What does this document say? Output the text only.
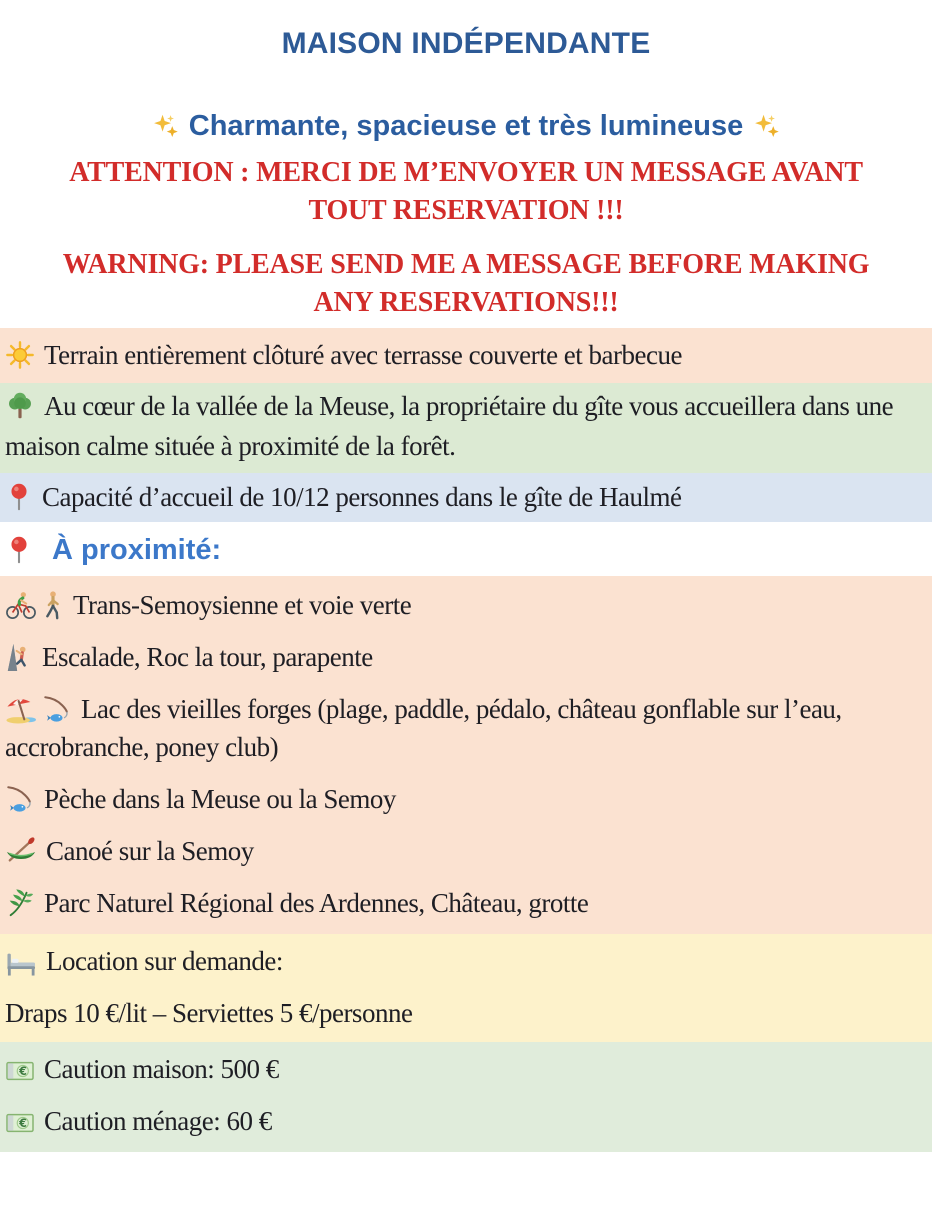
MAISON INDÉPENDANTE
Charmante, spacieuse et très lumineuse

ATTENTION : MERCI DE M’ENVOYER UN MESSAGE AVANT
TOUT RESERVATION !!!

WARNING: PLEASE SEND ME A MESSAGE BEFORE MAKING
ANY RESERVATIONS!!!

Terrain entièrement clôturé avec terrasse couverte et barbecue

Au cœur de la vallée de la Meuse, la propriétaire du gîte vous accueillera dans une maison calme située à proximité de la forêt.

Capacité d’accueil de 10/12 personnes dans le gîte de Haulmé

À proximité:

Trans-Semoysienne et voie verte

Escalade, Roc la tour, parapente

Lac des vieilles forges (plage, paddle, pédalo, château gonflable sur l’eau, accrobranche, poney club)

Pèche dans la Meuse ou la Semoy

Canoé sur la Semoy

Parc Naturel Régional des Ardennes, Château, grotte

Location sur demande:

Draps 10 €/lit – Serviettes 5 €/personne

€ Caution maison: 500 €

€ Caution ménage: 60 €
